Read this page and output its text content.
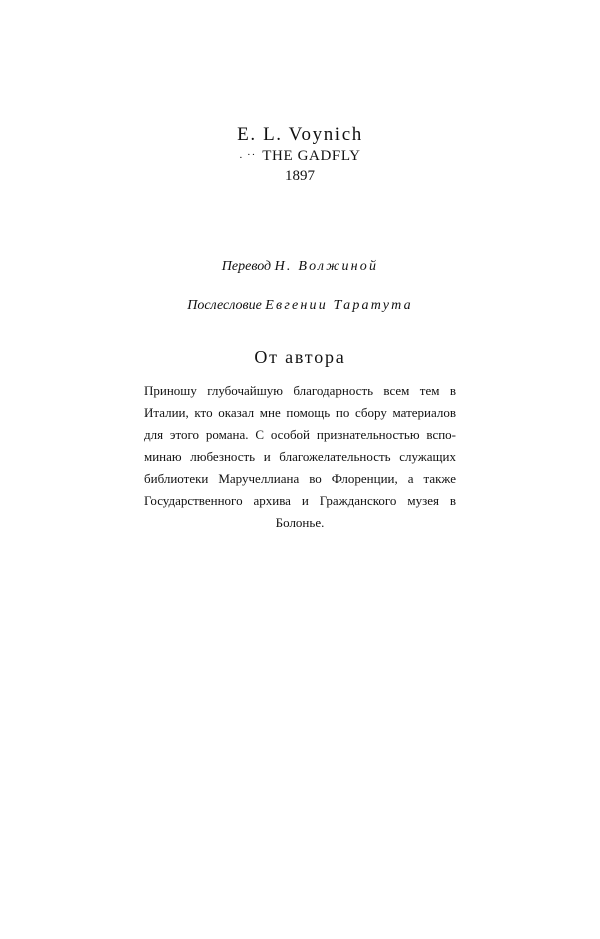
E. L. Voynich
. ·· THE GADFLY
1897
Перевод Н. Волжиной
Послесловие Евгении Таратута
От автора
Приношу глубочайшую благодарность всем тем в
Италии, кто оказал мне помощь по сбору материалов
для этого романа. С особой признательностью вспо-
минаю любезность и благожелательность служащих
библиотеки Маручеллиана во Флоренции, а также
Государственного архива и Гражданского музея в
Болонье.
